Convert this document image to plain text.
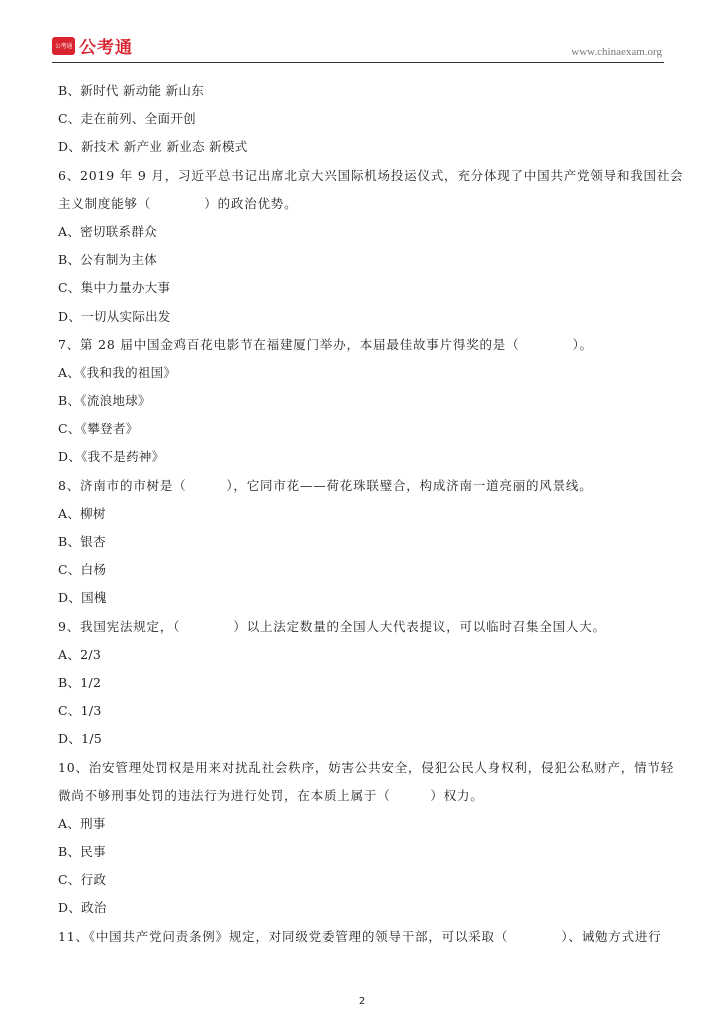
公考通 公考通	www.chinaexam.org
B、新时代 新动能 新山东
C、走在前列、全面开创
D、新技术 新产业 新业态 新模式
6、2019 年 9 月，习近平总书记出席北京大兴国际机场投运仪式，充分体现了中国共产党领导和我国社会
主义制度能够（　　　　）的政治优势。
A、密切联系群众
B、公有制为主体
C、集中力量办大事
D、一切从实际出发
7、第 28 届中国金鸡百花电影节在福建厦门举办，本届最佳故事片得奖的是（　　　　）。
A、《我和我的祖国》
B、《流浪地球》
C、《攀登者》
D、《我不是药神》
8、济南市的市树是（　　　），它同市花——荷花珠联璧合，构成济南一道亮丽的风景线。
A、柳树
B、银杏
C、白杨
D、国槐
9、我国宪法规定，（　　　　）以上法定数量的全国人大代表提议，可以临时召集全国人大。
A、2/3
B、1/2
C、1/3
D、1/5
10、治安管理处罚权是用来对扰乱社会秩序，妨害公共安全，侵犯公民人身权利，侵犯公私财产，情节轻
微尚不够刑事处罚的违法行为进行处罚，在本质上属于（　　　）权力。
A、刑事
B、民事
C、行政
D、政治
11、《中国共产党问责条例》规定，对同级党委管理的领导干部，可以采取（　　　　）、诫勉方式进行
2
